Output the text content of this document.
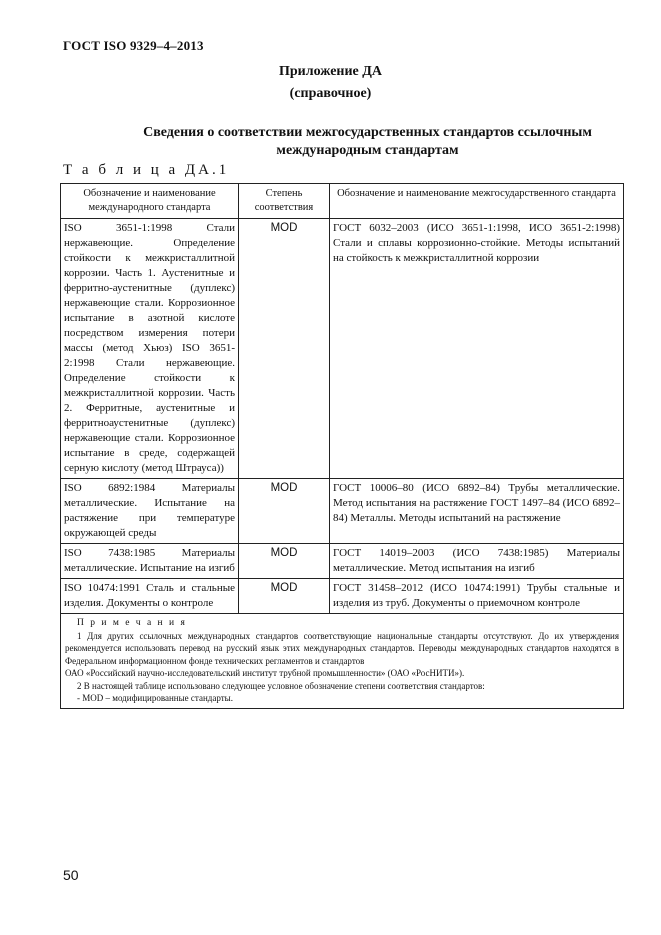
ГОСТ ISO 9329–4–2013
Приложение ДА
(справочное)
Сведения о соответствии межгосударственных стандартов ссылочным международным стандартам
Т а б л и ц а ДА.1
Обозначение и наименование международного стандарта	Степень соответствия	Обозначение и наименование межгосударственного стандарта
ISO 3651-1:1998 Стали нержавеющие. Определение стойкости к межкристаллитной коррозии. Часть 1. Аустенитные и ферритно-аустенитные (дуплекс) нержавеющие стали. Коррозионное испытание в азотной кислоте посредством измерения потери массы (метод Хьюз) ISO 3651-2:1998 Стали нержавеющие. Определение стойкости к межкристаллитной коррозии. Часть 2. Ферритные, аустенитные и ферритноаустенитные (дуплекс) нержавеющие стали. Коррозионное испытание в среде, содержащей серную кислоту (метод Штрауса))	MOD	ГОСТ 6032–2003 (ИСО 3651-1:1998, ИСО 3651-2:1998) Стали и сплавы коррозионно-стойкие. Методы испытаний на стойкость к межкристаллитной коррозии
ISO 6892:1984 Материалы металлические. Испытание на растяжение при температуре окружающей среды	MOD	ГОСТ 10006–80 (ИСО 6892–84) Трубы металлические. Метод испытания на растяжение ГОСТ 1497–84 (ИСО 6892–84) Металлы. Методы испытаний на растяжение
ISO 7438:1985 Материалы металлические. Испытание на изгиб	MOD	ГОСТ 14019–2003 (ИСО 7438:1985) Материалы металлические. Метод испытания на изгиб
ISO 10474:1991 Сталь и стальные изделия. Документы о контроле	MOD	ГОСТ 31458–2012 (ИСО 10474:1991) Трубы стальные и изделия из труб. Документы о приемочном контроле

П р и м е ч а н и я
1 Для других ссылочных международных стандартов соответствующие национальные стандарты отсутствуют. До их утверждения рекомендуется использовать перевод на русский язык этих международных стандартов. Переводы международных стандартов находятся в Федеральном информационном фонде технических регламентов и стандартов
ОАО «Российский научно-исследовательский институт трубной промышленности» (ОАО «РосНИТИ»).
2 В настоящей таблице использовано следующее условное обозначение степени соответствия стандартов:
- MOD – модифицированные стандарты.		
50
